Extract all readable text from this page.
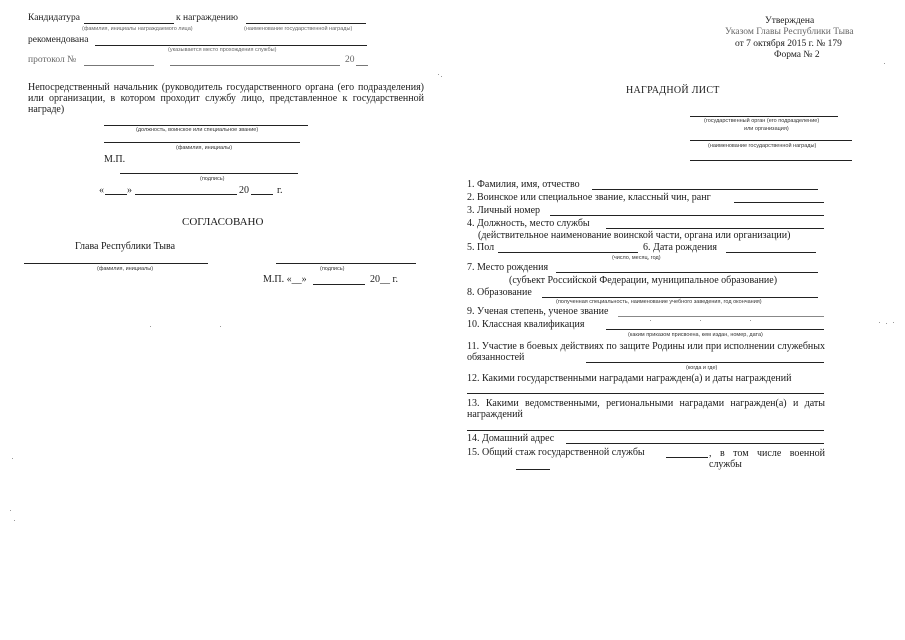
Кандидатура	к награждению
(фамилия, инициалы награждаемого лица)	(наименование государственной награды)
рекомендована
(указывается место прохождения службы)
протокол №	20
Непосредственный начальник (руководитель государственного органа (его подразделения) или организации, в котором проходит службу лицо, представленное к государственной награде)
(должность, воинское или специальное звание)
(фамилия, инициалы)
М.П.
(подпись)
« »	20	г.
СОГЛАСОВАНО
Глава Республики Тыва
(фамилия, инициалы)	(подпись)
М.П. «__»	20__ г.
Утверждена
Указом Главы Республики Тыва
от 7 октября 2015 г. № 179
Форма № 2
НАГРАДНОЙ ЛИСТ
(государственный орган (его подразделение)
или организация)
(наименование государственной награды)
1. Фамилия, имя, отчество
2. Воинское или специальное звание, классный чин, ранг
3. Личный номер
4. Должность, место службы
(действительное наименование воинской части, органа или организации)
5. Пол	6. Дата рождения
(число, месяц, год)
7. Место рождения
(субъект Российской Федерации, муниципальное образование)
8. Образование
(полученная специальность, наименование учебного заведения, год окончания)
9. Ученая степень, ученое звание
10. Классная квалификация
(каким приказом присвоена, кем издан, номер, дата)
11. Участие в боевых действиях по защите Родины или при исполнении служебных обязанностей
(когда и где)
12. Какими государственными наградами награжден(а) и даты награждений
13. Какими ведомственными, региональными наградами награжден(а) и даты награждений
14. Домашний адрес
15. Общий стаж государственной службы	, в том числе военной службы
